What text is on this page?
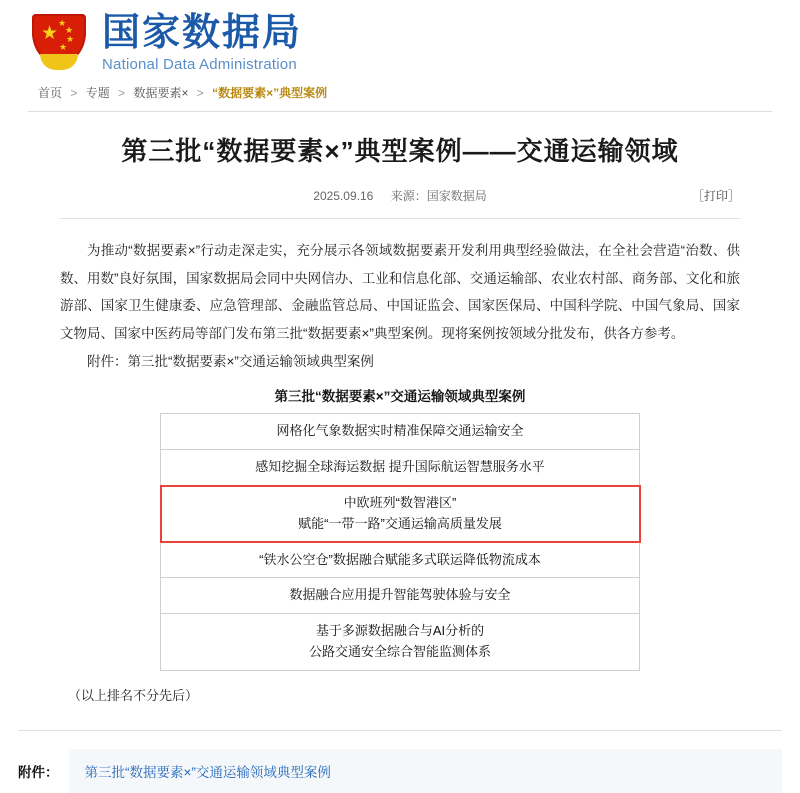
★ ★
★
★
★ 国家数据局
National Data Administration
首页 > 专题 > 数据要素× > “数据要素×”典型案例
第三批“数据要素×”典型案例——交通运输领域
2025.09.16 来源：国家数据局	［打印］

为推动“数据要素×”行动走深走实，充分展示各领域数据要素开发利用典型经验做法，在全社会营造“治数、供数、用数”良好氛围，国家数据局会同中央网信办、工业和信息化部、交通运输部、农业农村部、商务部、文化和旅游部、国家卫生健康委、应急管理部、金融监管总局、中国证监会、国家医保局、中国科学院、中国气象局、国家文物局、国家中医药局等部门发布第三批“数据要素×”典型案例。现将案例按领域分批发布，供各方参考。

附件：第三批“数据要素×”交通运输领域典型案例

第三批“数据要素×”交通运输领域典型案例
网格化气象数据实时精准保障交通运输安全
感知挖掘全球海运数据 提升国际航运智慧服务水平

中欧班列“数智港区”
赋能“一带一路”交通运输高质量发展

“铁水公空仓”数据融合赋能多式联运降低物流成本
数据融合应用提升智能驾驶体验与安全

基于多源数据融合与AI分析的
公路交通安全综合智能监测体系
（以上排名不分先后）
附件：	第三批“数据要素×”交通运输领域典型案例
